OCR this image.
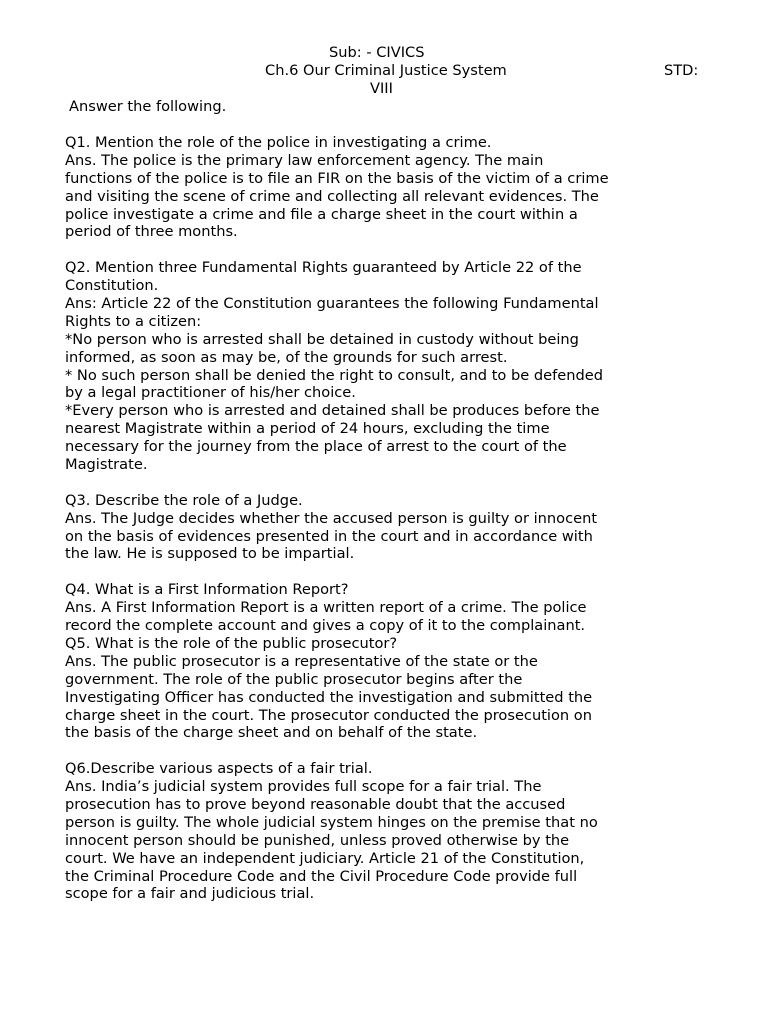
Sub: - CIVICS
Ch.6 Our Criminal Justice System	STD:
VIII
Answer the following.
Q1. Mention the role of the police in investigating a crime.
Ans. The police is the primary law enforcement agency. The main
functions of the police is to file an FIR on the basis of the victim of a crime
and visiting the scene of crime and collecting all relevant evidences. The
police investigate a crime and file a charge sheet in the court within a
period of three months.
Q2. Mention three Fundamental Rights guaranteed by Article 22 of the
Constitution.
Ans: Article 22 of the Constitution guarantees the following Fundamental
Rights to a citizen:
*No person who is arrested shall be detained in custody without being
informed, as soon as may be, of the grounds for such arrest.
* No such person shall be denied the right to consult, and to be defended
by a legal practitioner of his/her choice.
*Every person who is arrested and detained shall be produces before the
nearest Magistrate within a period of 24 hours, excluding the time
necessary for the journey from the place of arrest to the court of the
Magistrate.
Q3. Describe the role of a Judge.
Ans. The Judge decides whether the accused person is guilty or innocent
on the basis of evidences presented in the court and in accordance with
the law. He is supposed to be impartial.
Q4. What is a First Information Report?
Ans. A First Information Report is a written report of a crime. The police
record the complete account and gives a copy of it to the complainant.
Q5. What is the role of the public prosecutor?
Ans. The public prosecutor is a representative of the state or the
government. The role of the public prosecutor begins after the
Investigating Officer has conducted the investigation and submitted the
charge sheet in the court. The prosecutor conducted the prosecution on
the basis of the charge sheet and on behalf of the state.
Q6.Describe various aspects of a fair trial.
Ans. India’s judicial system provides full scope for a fair trial. The
prosecution has to prove beyond reasonable doubt that the accused
person is guilty. The whole judicial system hinges on the premise that no
innocent person should be punished, unless proved otherwise by the
court. We have an independent judiciary. Article 21 of the Constitution,
the Criminal Procedure Code and the Civil Procedure Code provide full
scope for a fair and judicious trial.
